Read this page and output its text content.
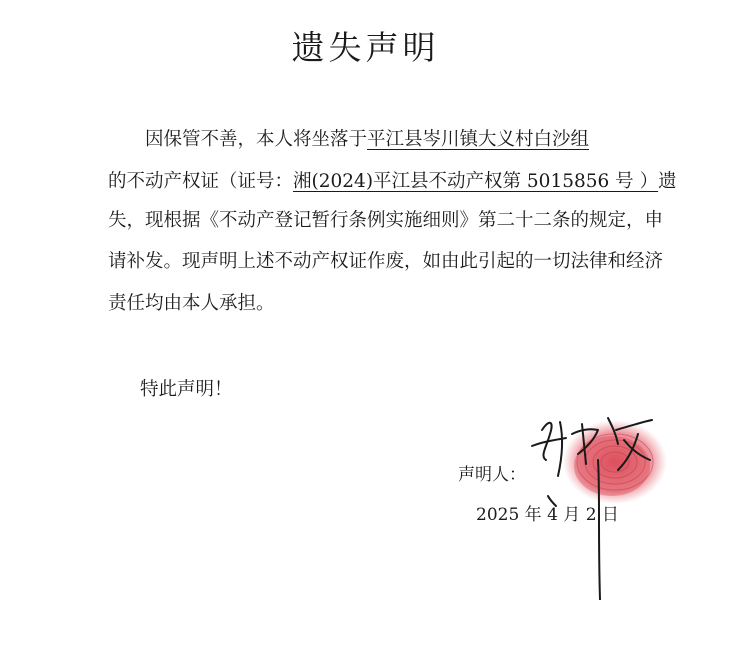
遗失声明
因保管不善，本人将坐落于平江县岑川镇大义村白沙组
的不动产权证（证号：湘(2024)平江县不动产权第 5015856 号 ）遗
失，现根据《不动产登记暂行条例实施细则》第二十二条的规定，申
请补发。现声明上述不动产权证作废，如由此引起的一切法律和经济
责任均由本人承担。
特此声明！
声明人：
2025 年 4 月 2 日
